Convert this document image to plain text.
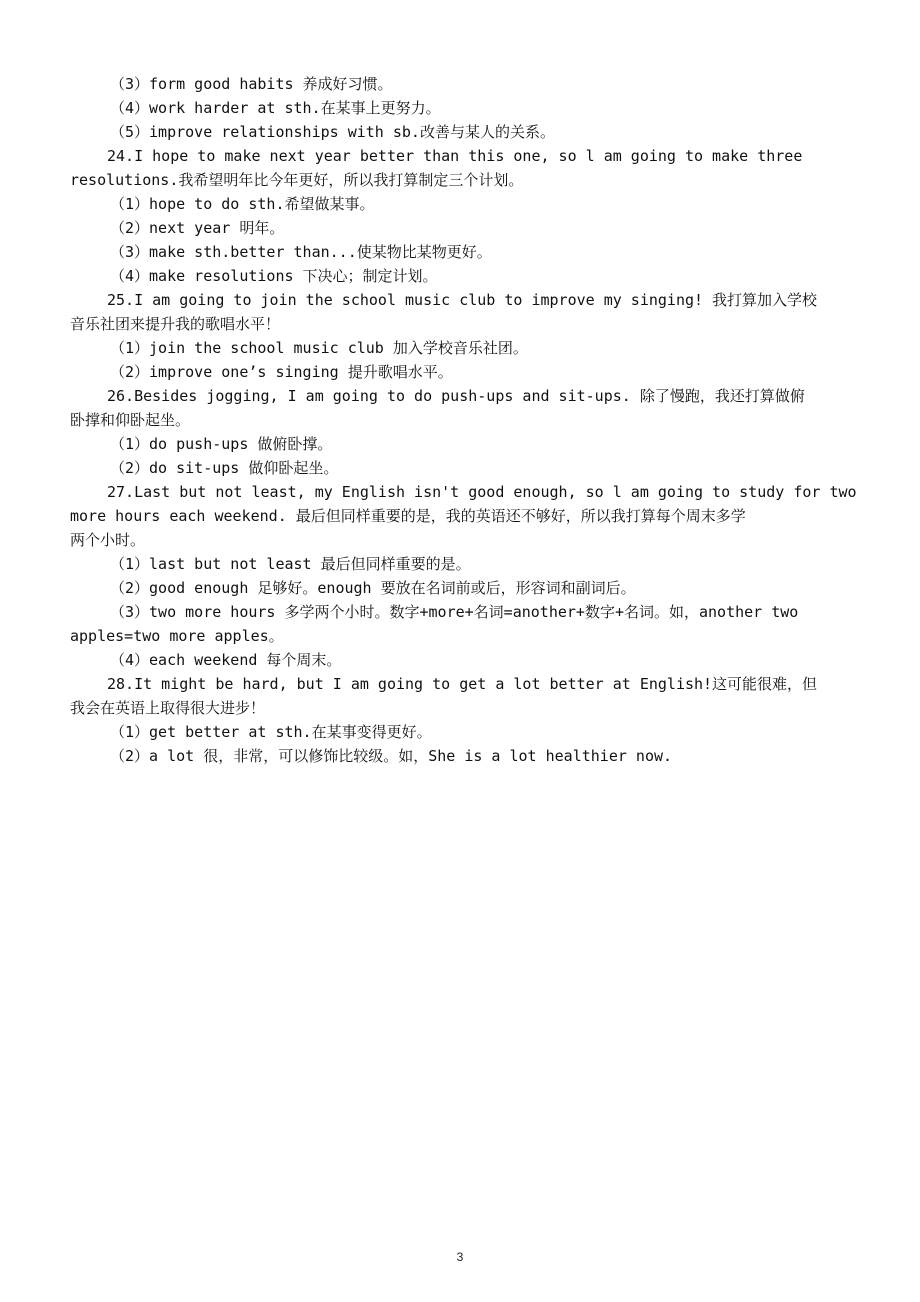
（3）form good habits 养成好习惯。
（4）work harder at sth.在某事上更努力。
（5）improve relationships with sb.改善与某人的关系。
24.I hope to make next year better than this one, so l am going to make three
resolutions.我希望明年比今年更好，所以我打算制定三个计划。
（1）hope to do sth.希望做某事。
（2）next year 明年。
（3）make sth.better than...使某物比某物更好。
（4）make resolutions 下决心；制定计划。
25.I am going to join the school music club to improve my singing! 我打算加入学校
音乐社团来提升我的歌唱水平！
（1）join the school music club 加入学校音乐社团。
（2）improve one’s singing 提升歌唱水平。
26.Besides jogging, I am going to do push-ups and sit-ups. 除了慢跑，我还打算做俯
卧撑和仰卧起坐。
（1）do push-ups 做俯卧撑。
（2）do sit-ups 做仰卧起坐。
27.Last but not least, my English isn't good enough, so l am going to study for two
more hours each weekend. 最后但同样重要的是，我的英语还不够好，所以我打算每个周末多学
两个小时。
（1）last but not least 最后但同样重要的是。
（2）good enough 足够好。enough 要放在名词前或后，形容词和副词后。
（3）two more hours 多学两个小时。数字+more+名词=another+数字+名词。如，another two
apples=two more apples。
（4）each weekend 每个周末。
28.It might be hard, but I am going to get a lot better at English!这可能很难，但
我会在英语上取得很大进步！
（1）get better at sth.在某事变得更好。
（2）a lot 很，非常，可以修饰比较级。如，She is a lot healthier now.
3
